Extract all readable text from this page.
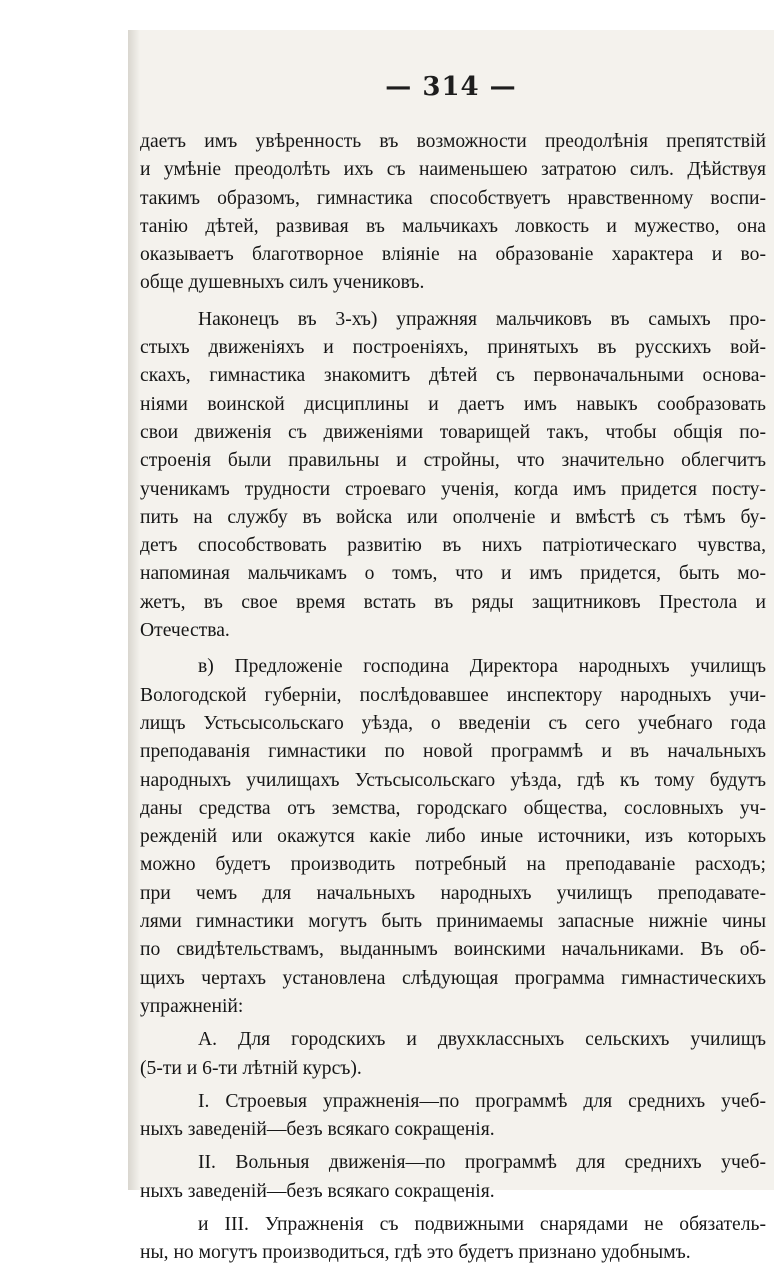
— 314 —

даетъ имъ увѣренность въ возможности преодолѣнія препятствій

и умѣніе преодолѣть ихъ съ наименьшею затратою силъ. Дѣйствуя

такимъ образомъ, гимнастика способствуетъ нравственному воспи-

танію дѣтей, развивая въ мальчикахъ ловкость и мужество, она

оказываетъ благотворное вліяніе на образованіе характера и во-

обще душевныхъ силъ учениковъ.

Наконецъ въ 3-хъ) упражняя мальчиковъ въ самыхъ про-

стыхъ движеніяхъ и построеніяхъ, принятыхъ въ русскихъ вой-

скахъ, гимнастика знакомитъ дѣтей съ первоначальными основа-

ніями воинской дисциплины и даетъ имъ навыкъ сообразовать

свои движенія съ движеніями товарищей такъ, чтобы общія по-

строенія были правильны и стройны, что значительно облегчитъ

ученикамъ трудности строеваго ученія, когда имъ придется посту-

пить на службу въ войска или ополченіе и вмѣстѣ съ тѣмъ бу-

детъ способствовать развитію въ нихъ патріотическаго чувства,

напоминая мальчикамъ о томъ, что и имъ придется, быть мо-

жетъ, въ свое время встать въ ряды защитниковъ Престола и

Отечества.

в) Предложеніе господина Директора народныхъ училищъ

Вологодской губерніи, послѣдовавшее инспектору народныхъ учи-

лищъ Устьсысольскаго уѣзда, о введеніи съ сего учебнаго года

преподаванія гимнастики по новой программѣ и въ начальныхъ

народныхъ училищахъ Устьсысольскаго уѣзда, гдѣ къ тому будутъ

даны средства отъ земства, городскаго общества, сословныхъ уч-

режденій или окажутся какіе либо иные источники, изъ которыхъ

можно будетъ производить потребный на преподаваніе расходъ;

при чемъ для начальныхъ народныхъ училищъ преподавате-

лями гимнастики могутъ быть принимаемы запасные нижніе чины

по свидѣтельствамъ, выданнымъ воинскими начальниками. Въ об-

щихъ чертахъ установлена слѣдующая программа гимнастическихъ

упражненій:

А. Для городскихъ и двухклассныхъ сельскихъ училищъ

(5-ти и 6-ти лѣтній курсъ).

I. Строевыя упражненія—по программѣ для среднихъ учеб-

ныхъ заведеній—безъ всякаго сокращенія.

II. Вольныя движенія—по программѣ для среднихъ учеб-

ныхъ заведеній—безъ всякаго сокращенія.

и III. Упражненія съ подвижными снарядами не обязатель-

ны, но могутъ производиться, гдѣ это будетъ признано удобнымъ.
